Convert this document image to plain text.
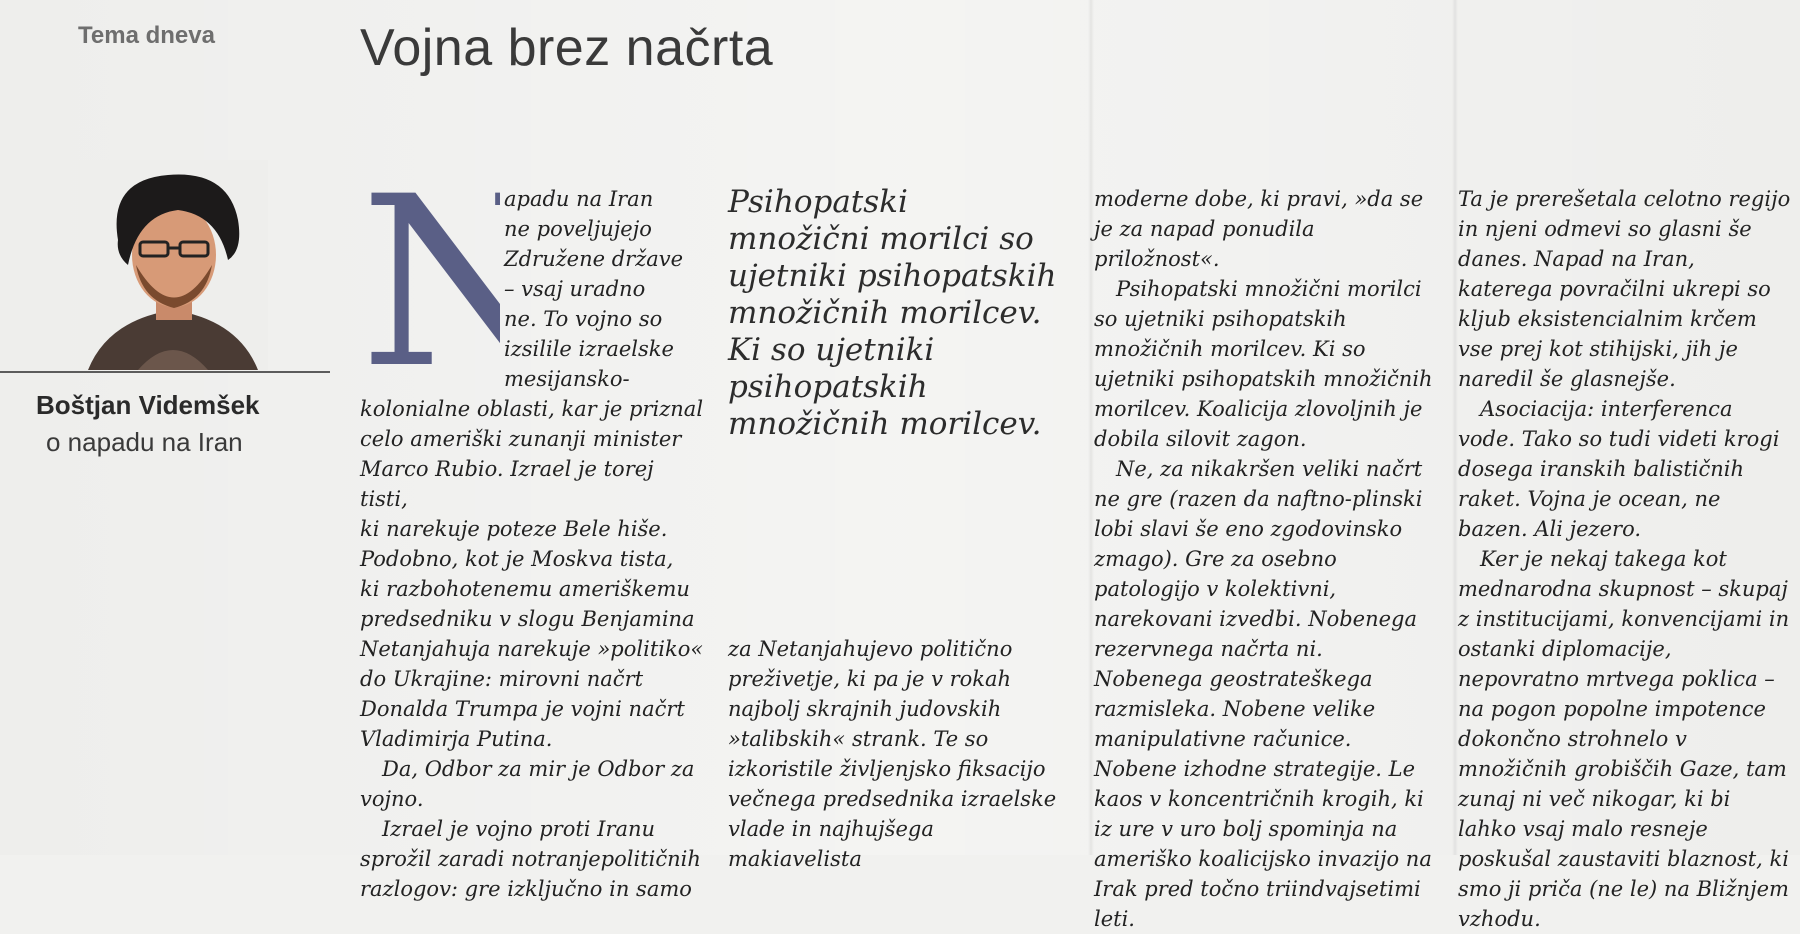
Tema dneva	Vojna brez načrta
Boštjan Videmšek
o napadu na Iran
N
apadu na Iran
ne poveljujejo
Združene države
– vsaj uradno
ne. To vojno so
izsilile izraelske
mesijansko-
kolonialne oblasti, kar je priznal
celo ameriški zunanji minister
Marco Rubio. Izrael je torej tisti,
ki narekuje poteze Bele hiše.
Podobno, kot je Moskva tista,
ki razbohotenemu ameriškemu
predsedniku v slogu Benjamina
Netanjahuja narekuje »politiko«
do Ukrajine: mirovni načrt
Donalda Trumpa je vojni načrt
Vladimirja Putina.

Da, Odbor za mir je Odbor za vojno.

Izrael je vojno proti Iranu sprožil zaradi notranjepolitičnih razlogov: gre izključno in samo

Psihopatski množični morilci so ujetniki psihopatskih množičnih morilcev. Ki so ujetniki psihopatskih množičnih morilcev.

za Netanjahujevo politično preživetje, ki pa je v rokah najbolj skrajnih judovskih »talibskih« strank. Te so izkoristile življenjsko fiksacijo večnega predsednika izraelske vlade in najhujšega makiavelista

moderne dobe, ki pravi, »da se je za napad ponudila priložnost«.

Psihopatski množični morilci so ujetniki psihopatskih množičnih morilcev. Ki so ujetniki psihopatskih množičnih morilcev. Koalicija zlovoljnih je dobila silovit zagon.

Ne, za nikakršen veliki načrt ne gre (razen da naftno-plinski lobi slavi še eno zgodovinsko zmago). Gre za osebno patologijo v kolektivni, narekovani izvedbi. Nobenega rezervnega načrta ni. Nobenega geostrateškega razmisleka. Nobene velike manipulativne računice. Nobene izhodne strategije. Le kaos v koncentričnih krogih, ki iz ure v uro bolj spominja na ameriško koalicijsko invazijo na Irak pred točno triindvajsetimi leti.

Ta je prerešetala celotno regijo in njeni odmevi so glasni še danes. Napad na Iran, katerega povračilni ukrepi so kljub eksistencialnim krčem vse prej kot stihijski, jih je naredil še glasnejše.

Asociacija: interferenca vode. Tako so tudi videti krogi dosega iranskih balističnih raket. Vojna je ocean, ne bazen. Ali jezero.

Ker je nekaj takega kot mednarodna skupnost – skupaj z institucijami, konvencijami in ostanki diplomacije, nepovratno mrtvega poklica – na pogon popolne impotence dokončno strohnelo v množičnih grobiščih Gaze, tam zunaj ni več nikogar, ki bi lahko vsaj malo resneje poskušal zaustaviti blaznost, ki smo ji priča (ne le) na Bližnjem vzhodu.
